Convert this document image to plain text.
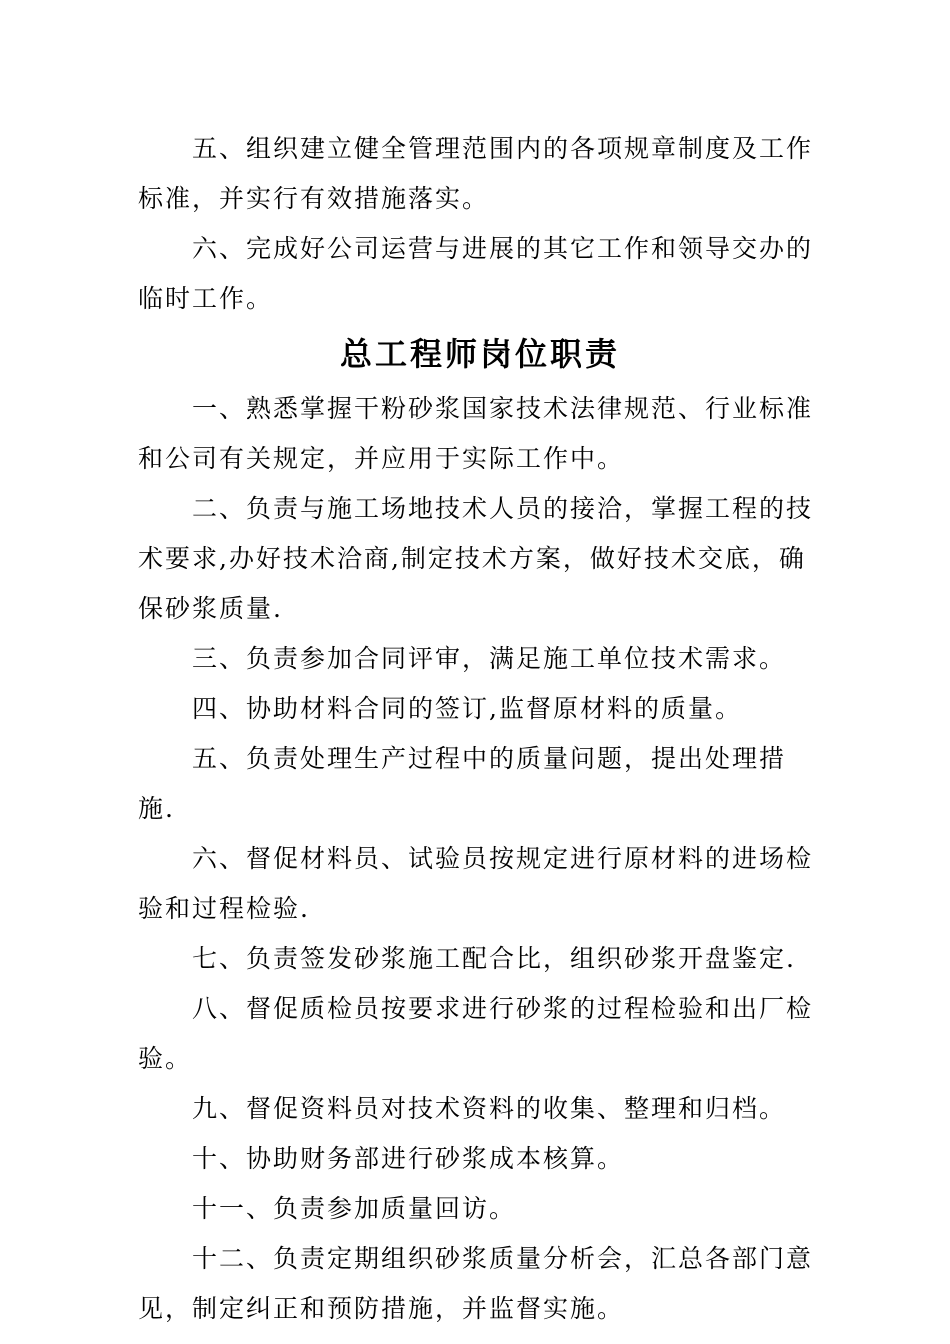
五、组织建立健全管理范围内的各项规章制度及工作标准，并实行有效措施落实。

六、完成好公司运营与进展的其它工作和领导交办的临时工作。

总工程师岗位职责

一、熟悉掌握干粉砂浆国家技术法律规范、行业标准和公司有关规定，并应用于实际工作中。

二、负责与施工场地技术人员的接洽，掌握工程的技术要求,办好技术洽商,制定技术方案，做好技术交底，确保砂浆质量.

三、负责参加合同评审，满足施工单位技术需求。

四、协助材料合同的签订,监督原材料的质量。

五、负责处理生产过程中的质量问题，提出处理措施.

六、督促材料员、试验员按规定进行原材料的进场检验和过程检验.

七、负责签发砂浆施工配合比，组织砂浆开盘鉴定.

八、督促质检员按要求进行砂浆的过程检验和出厂检验。

九、督促资料员对技术资料的收集、整理和归档。

十、协助财务部进行砂浆成本核算。

十一、负责参加质量回访。

十二、负责定期组织砂浆质量分析会，汇总各部门意见，制定纠正和预防措施，并监督实施。
